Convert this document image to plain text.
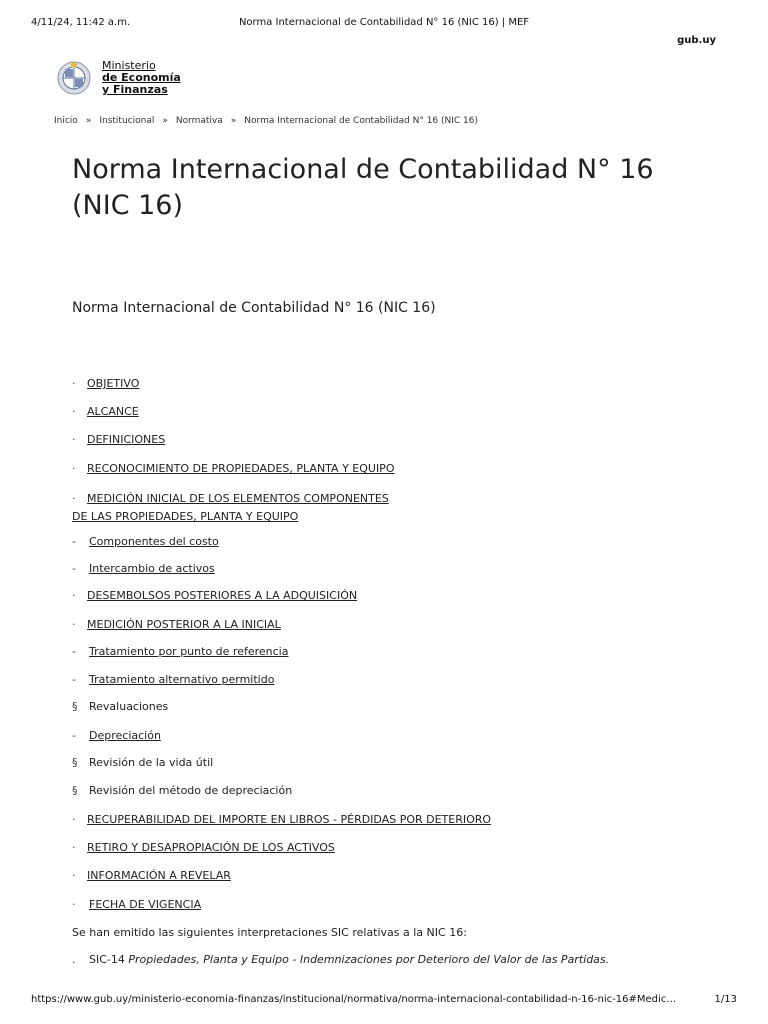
4/11/24, 11:42 a.m.	Norma Internacional de Contabilidad N° 16 (NIC 16) | MEF
gub.uy
Ministerio
de Economía
y Finanzas
Inicio » Institucional » Normativa » Norma Internacional de Contabilidad N° 16 (NIC 16)
Norma Internacional de Contabilidad N° 16 (NIC 16)
Norma Internacional de Contabilidad N° 16 (NIC 16)
· OBJETIVO
· ALCANCE
· DEFINICIONES
· RECONOCIMIENTO DE PROPIEDADES, PLANTA Y EQUIPO
· MEDICIÓN INICIAL DE LOS ELEMENTOS COMPONENTES
DE LAS PROPIEDADES, PLANTA Y EQUIPO
- Componentes del costo
- Intercambio de activos
· DESEMBOLSOS POSTERIORES A LA ADQUISICIÓN
· MEDICIÓN POSTERIOR A LA INICIAL
- Tratamiento por punto de referencia
- Tratamiento alternativo permitido
§ Revaluaciones
- Depreciación
§ Revisión de la vida útil
§ Revisión del método de depreciación
· RECUPERABILIDAD DEL IMPORTE EN LIBROS - PÉRDIDAS POR DETERIORO
· RETIRO Y DESAPROPIACIÓN DE LOS ACTIVOS
· INFORMACIÓN A REVELAR
· FECHA DE VIGENCIA

Se han emitido las siguientes interpretaciones SIC relativas a la NIC 16:

. SIC-14 Propiedades, Planta y Equipo - Indemnizaciones por Deterioro del Valor de las Partidas.
https://www.gub.uy/ministerio-economia-finanzas/institucional/normativa/norma-internacional-contabilidad-n-16-nic-16#Medic…	1/13
